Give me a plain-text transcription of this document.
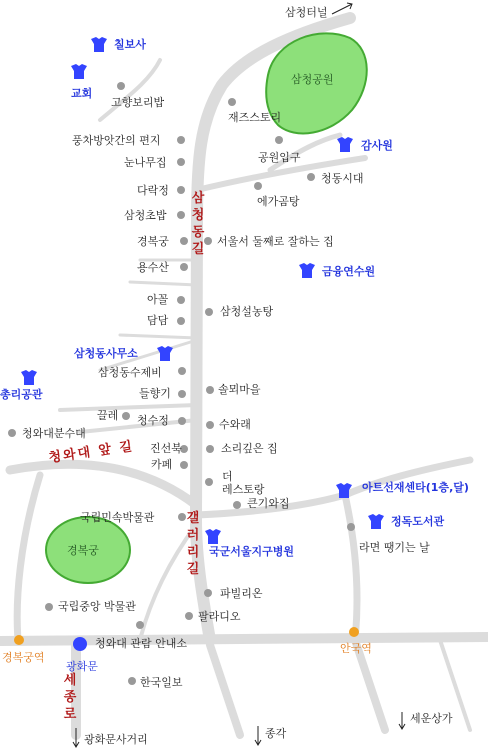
삼청터널
칠보사
교회
고향보리밥
삼청공원
재즈스토리
풍차방앗간의 편지
눈나무집	공원입구
감사원
다락정
청동시대
에가곰탕
삼청초밥
경복궁	서울서 둘째로 잘하는 집
용수산	금융연수원
아꼴
담담
삼청설농탕
삼청동사무소
삼청동수제비
총리공관	들향기	솔뫼마을
끌레 청수정	수와래
청와대분수대
진선북	소리깊은 집
카페
더
레스토랑
큰기와집
아트선재센타(1층,달)
정독도서관
국립민속박물관
국군서울지구병원	라면 땡기는 날
경복궁
국립중앙 박물관
파빌리온
팔라디오
경복궁역
청와대 관람 안내소	안국역
광화문
한국일보
광화문사거리	종각
세운상가
삼청동길
갤러리길
세종로
청와대 앞 길
